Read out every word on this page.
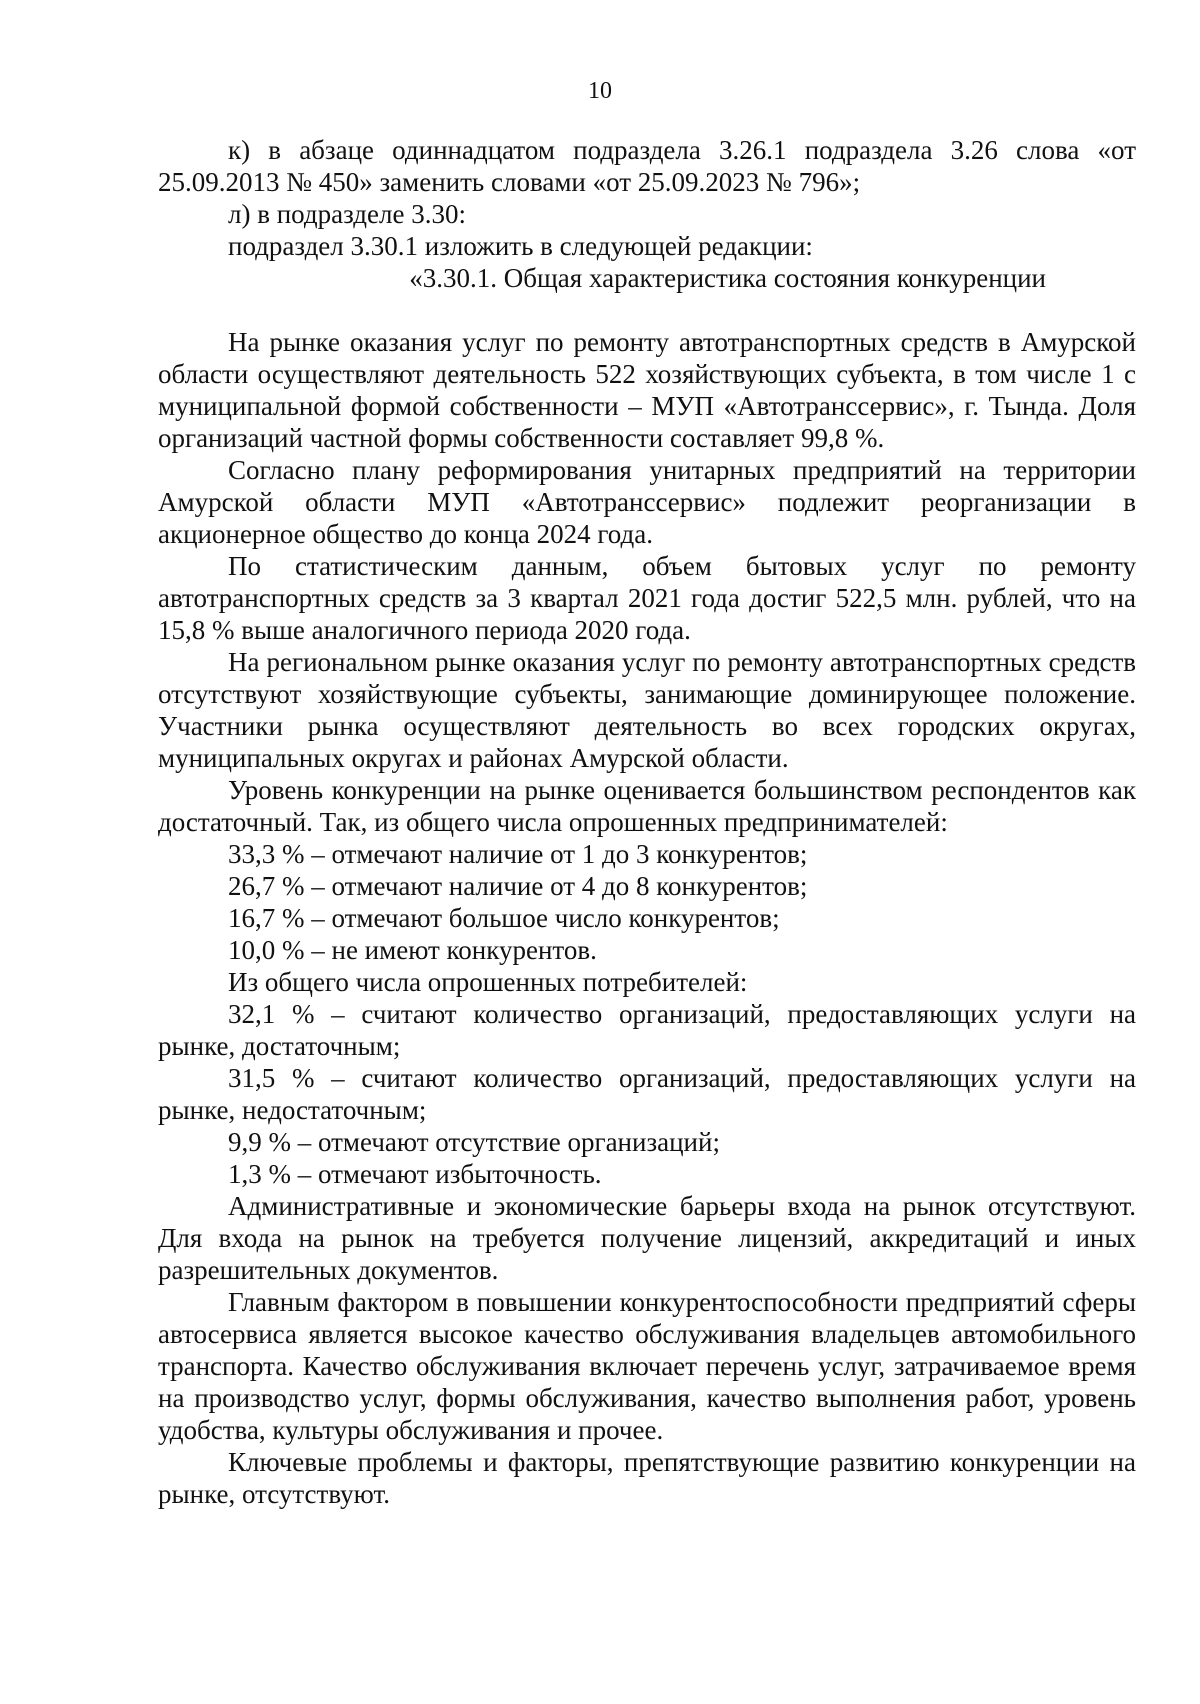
10

к) в абзаце одиннадцатом подраздела 3.26.1 подраздела 3.26 слова «от 25.09.2013 № 450» заменить словами «от 25.09.2023 № 796»;

л) в подразделе 3.30:

подраздел 3.30.1 изложить в следующей редакции:

«3.30.1. Общая характеристика состояния конкуренции

На рынке оказания услуг по ремонту автотранспортных средств в Амурской области осуществляют деятельность 522 хозяйствующих субъекта, в том числе 1 с муниципальной формой собственности – МУП «Автотранссервис», г. Тында. Доля организаций частной формы собственности составляет 99,8 %.

Согласно плану реформирования унитарных предприятий на территории Амурской области МУП «Автотранссервис» подлежит реорганизации в акционерное общество до конца 2024 года.

По статистическим данным, объем бытовых услуг по ремонту автотранспортных средств за 3 квартал 2021 года достиг 522,5 млн. рублей, что на 15,8 % выше аналогичного периода 2020 года.

На региональном рынке оказания услуг по ремонту автотранспортных средств отсутствуют хозяйствующие субъекты, занимающие доминирующее положение. Участники рынка осуществляют деятельность во всех городских округах, муниципальных округах и районах Амурской области.

Уровень конкуренции на рынке оценивается большинством респондентов как достаточный. Так, из общего числа опрошенных предпринимателей:

33,3 % – отмечают наличие от 1 до 3 конкурентов;

26,7 % – отмечают наличие от 4 до 8 конкурентов;

16,7 % – отмечают большое число конкурентов;

10,0 % – не имеют конкурентов.

Из общего числа опрошенных потребителей:

32,1 % – считают количество организаций, предоставляющих услуги на рынке, достаточным;

31,5 % – считают количество организаций, предоставляющих услуги на рынке, недостаточным;

9,9 % – отмечают отсутствие организаций;

1,3 % – отмечают избыточность.

Административные и экономические барьеры входа на рынок отсутствуют. Для входа на рынок на требуется получение лицензий, аккредитаций и иных разрешительных документов.

Главным фактором в повышении конкурентоспособности предприятий сферы автосервиса является высокое качество обслуживания владельцев автомобильного транспорта. Качество обслуживания включает перечень услуг, затрачиваемое время на производство услуг, формы обслуживания, качество выполнения работ, уровень удобства, культуры обслуживания и прочее.

Ключевые проблемы и факторы, препятствующие развитию конкуренции на рынке, отсутствуют.
